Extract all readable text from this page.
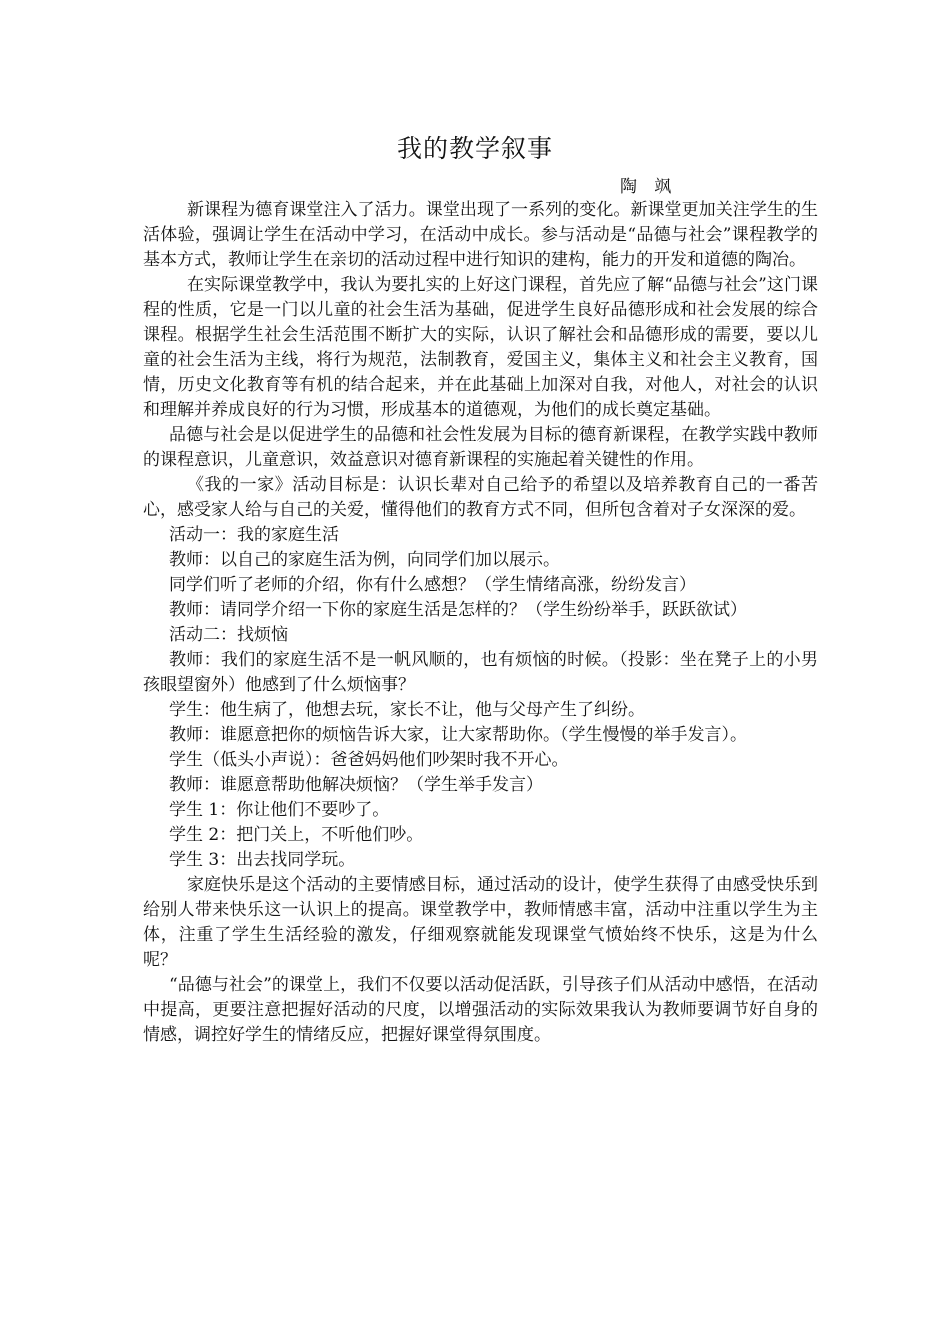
我的教学叙事
陶 飒

新课程为德育课堂注入了活力。课堂出现了一系列的变化。新课堂更加关注学生的生活体验，强调让学生在活动中学习，在活动中成长。参与活动是“品德与社会”课程教学的基本方式，教师让学生在亲切的活动过程中进行知识的建构，能力的开发和道德的陶冶。

在实际课堂教学中，我认为要扎实的上好这门课程，首先应了解“品德与社会”这门课程的性质，它是一门以儿童的社会生活为基础，促进学生良好品德形成和社会发展的综合课程。根据学生社会生活范围不断扩大的实际，认识了解社会和品德形成的需要，要以儿童的社会生活为主线，将行为规范，法制教育，爱国主义，集体主义和社会主义教育，国情，历史文化教育等有机的结合起来，并在此基础上加深对自我，对他人，对社会的认识和理解并养成良好的行为习惯，形成基本的道德观，为他们的成长奠定基础。

品德与社会是以促进学生的品德和社会性发展为目标的德育新课程，在教学实践中教师的课程意识，儿童意识，效益意识对德育新课程的实施起着关键性的作用。

《我的一家》活动目标是：认识长辈对自己给予的希望以及培养教育自己的一番苦心，感受家人给与自己的关爱，懂得他们的教育方式不同，但所包含着对子女深深的爱。

活动一：我的家庭生活

教师：以自己的家庭生活为例，向同学们加以展示。

同学们听了老师的介绍，你有什么感想？（学生情绪高涨，纷纷发言）

教师：请同学介绍一下你的家庭生活是怎样的？（学生纷纷举手，跃跃欲试）

活动二：找烦恼

教师：我们的家庭生活不是一帆风顺的，也有烦恼的时候。（投影：坐在凳子上的小男孩眼望窗外）他感到了什么烦恼事？

学生：他生病了，他想去玩，家长不让，他与父母产生了纠纷。

教师：谁愿意把你的烦恼告诉大家，让大家帮助你。（学生慢慢的举手发言）。

学生（低头小声说）：爸爸妈妈他们吵架时我不开心。

教师：谁愿意帮助他解决烦恼？（学生举手发言）

学生 1：你让他们不要吵了。

学生 2：把门关上，不听他们吵。

学生 3：出去找同学玩。

家庭快乐是这个活动的主要情感目标，通过活动的设计，使学生获得了由感受快乐到给别人带来快乐这一认识上的提高。课堂教学中，教师情感丰富，活动中注重以学生为主体，注重了学生生活经验的激发，仔细观察就能发现课堂气愤始终不快乐，这是为什么呢？

“品德与社会”的课堂上，我们不仅要以活动促活跃，引导孩子们从活动中感悟，在活动中提高，更要注意把握好活动的尺度，以增强活动的实际效果我认为教师要调节好自身的情感，调控好学生的情绪反应，把握好课堂得氛围度。
